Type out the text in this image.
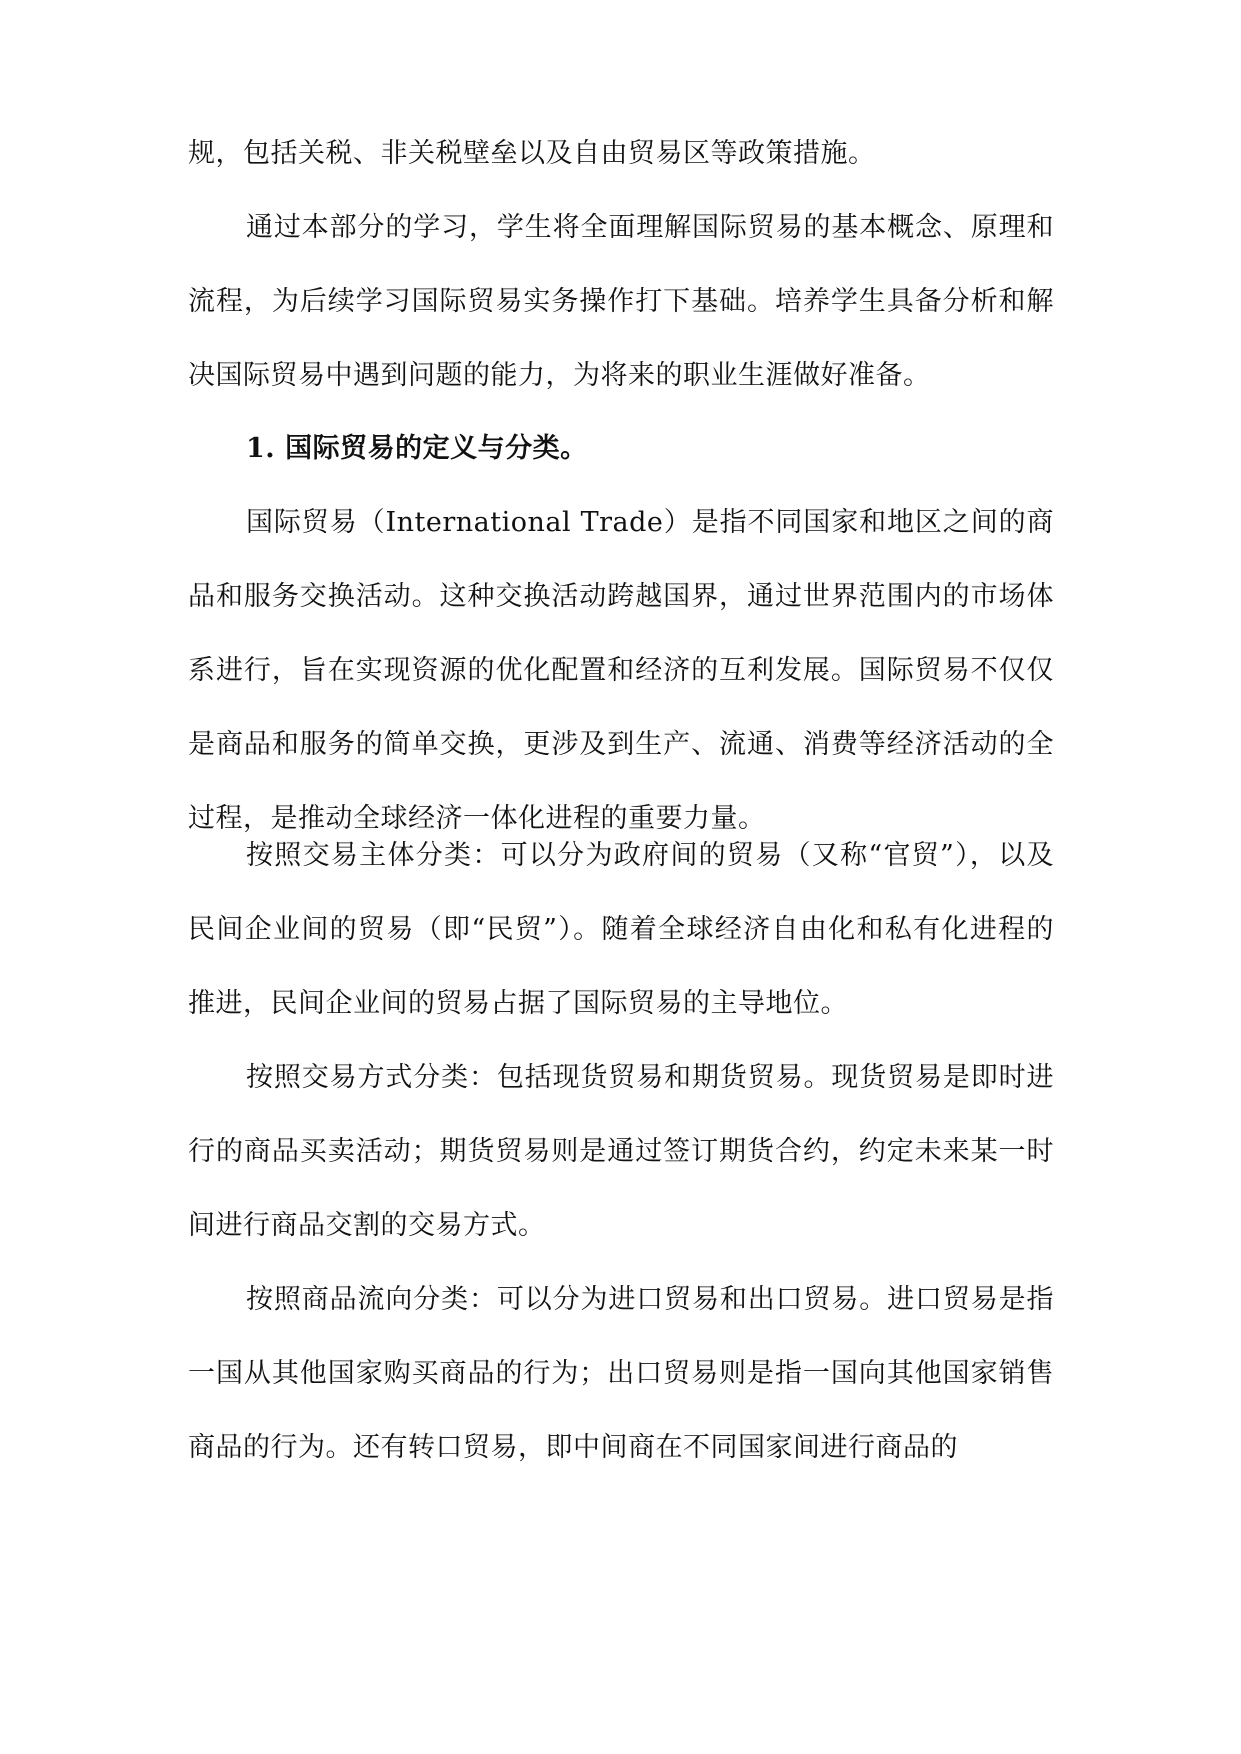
规，包括关税、非关税壁垒以及自由贸易区等政策措施。

通过本部分的学习，学生将全面理解国际贸易的基本概念、原理和流程，为后续学习国际贸易实务操作打下基础。培养学生具备分析和解决国际贸易中遇到问题的能力，为将来的职业生涯做好准备。

1. 国际贸易的定义与分类。

国际贸易（International Trade）是指不同国家和地区之间的商品和服务交换活动。这种交换活动跨越国界，通过世界范围内的市场体系进行，旨在实现资源的优化配置和经济的互利发展。国际贸易不仅仅是商品和服务的简单交换，更涉及到生产、流通、消费等经济活动的全过程，是推动全球经济一体化进程的重要力量。

按照交易主体分类：可以分为政府间的贸易（又称“官贸”），以及民间企业间的贸易（即“民贸”）。随着全球经济自由化和私有化进程的推进，民间企业间的贸易占据了国际贸易的主导地位。

按照交易方式分类：包括现货贸易和期货贸易。现货贸易是即时进行的商品买卖活动；期货贸易则是通过签订期货合约，约定未来某一时间进行商品交割的交易方式。

按照商品流向分类：可以分为进口贸易和出口贸易。进口贸易是指一国从其他国家购买商品的行为；出口贸易则是指一国向其他国家销售商品的行为。还有转口贸易，即中间商在不同国家间进行商品的
